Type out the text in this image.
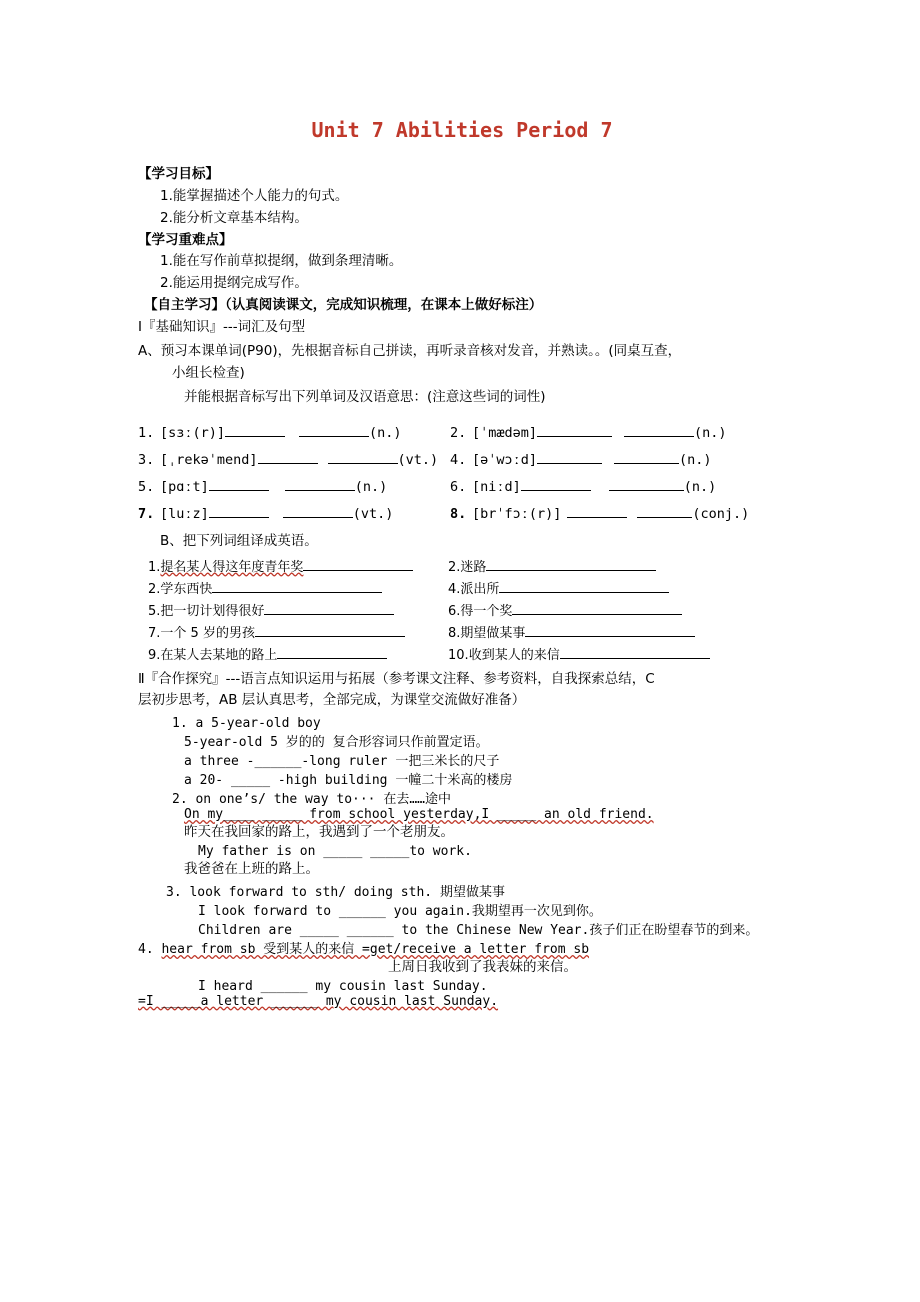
Unit 7 Abilities Period 7
【学习目标】
1.能掌握描述个人能力的句式。
2.能分析文章基本结构。
【学习重难点】
1.能在写作前草拟提纲，做到条理清晰。
2.能运用提纲完成写作。
【自主学习】（认真阅读课文，完成知识梳理，在课本上做好标注）
Ⅰ『基础知识』---词汇及句型
A、预习本课单词(P90)，先根据音标自己拼读，再听录音核对发音，并熟读。。(同桌互查，
小组长检查)
并能根据音标写出下列单词及汉语意思：(注意这些词的词性)
1. [sɜː(r)]	(n.)	2. [ˈmædəm]	(n.)
3. [ˌrekəˈmend]	(vt.) 4. [əˈwɔːd]	(n.)
5. [pɑːt]	(n.)	6. [niːd]	(n.)
7. [luːz]	(vt.)	8. [brˈfɔː(r)]	(conj.)
B、把下列词组译成英语。
1. 提名某人得这年度青年奖	2. 迷路
2. 学东西快	4. 派出所
5. 把一切计划得很好	6. 得一个奖
7. 一个 5 岁的男孩	8. 期望做某事
9. 在某人去某地的路上	10. 收到某人的来信
Ⅱ『合作探究』---语言点知识运用与拓展（参考课文注释、参考资料，自我探索总结，C
层初步思考，AB 层认真思考，全部完成，为课堂交流做好准备）
1. a 5-year-old boy
5-year-old 5 岁的的 复合形容词只作前置定语。
a three -______-long ruler 一把三米长的尺子
a 20- _____ -high building 一幢二十米高的楼房
2. on one’s/ the way to··· 在去……途中
On my____ _____ from school yesterday,I _____ an old friend.
昨天在我回家的路上，我遇到了一个老朋友。
My father is on _____ _____to work.
我爸爸在上班的路上。
3. look forward to sth/ doing sth. 期望做某事
I look forward to ______ you again.我期望再一次见到你。
Children are _____ ______ to the Chinese New Year.孩子们正在盼望春节的到来。
4. hear from sb 受到某人的来信 =get/receive a letter from sb
上周日我收到了我表妹的来信。
I heard ______ my cousin last Sunday.
=I _____a letter ______ my cousin last Sunday.
